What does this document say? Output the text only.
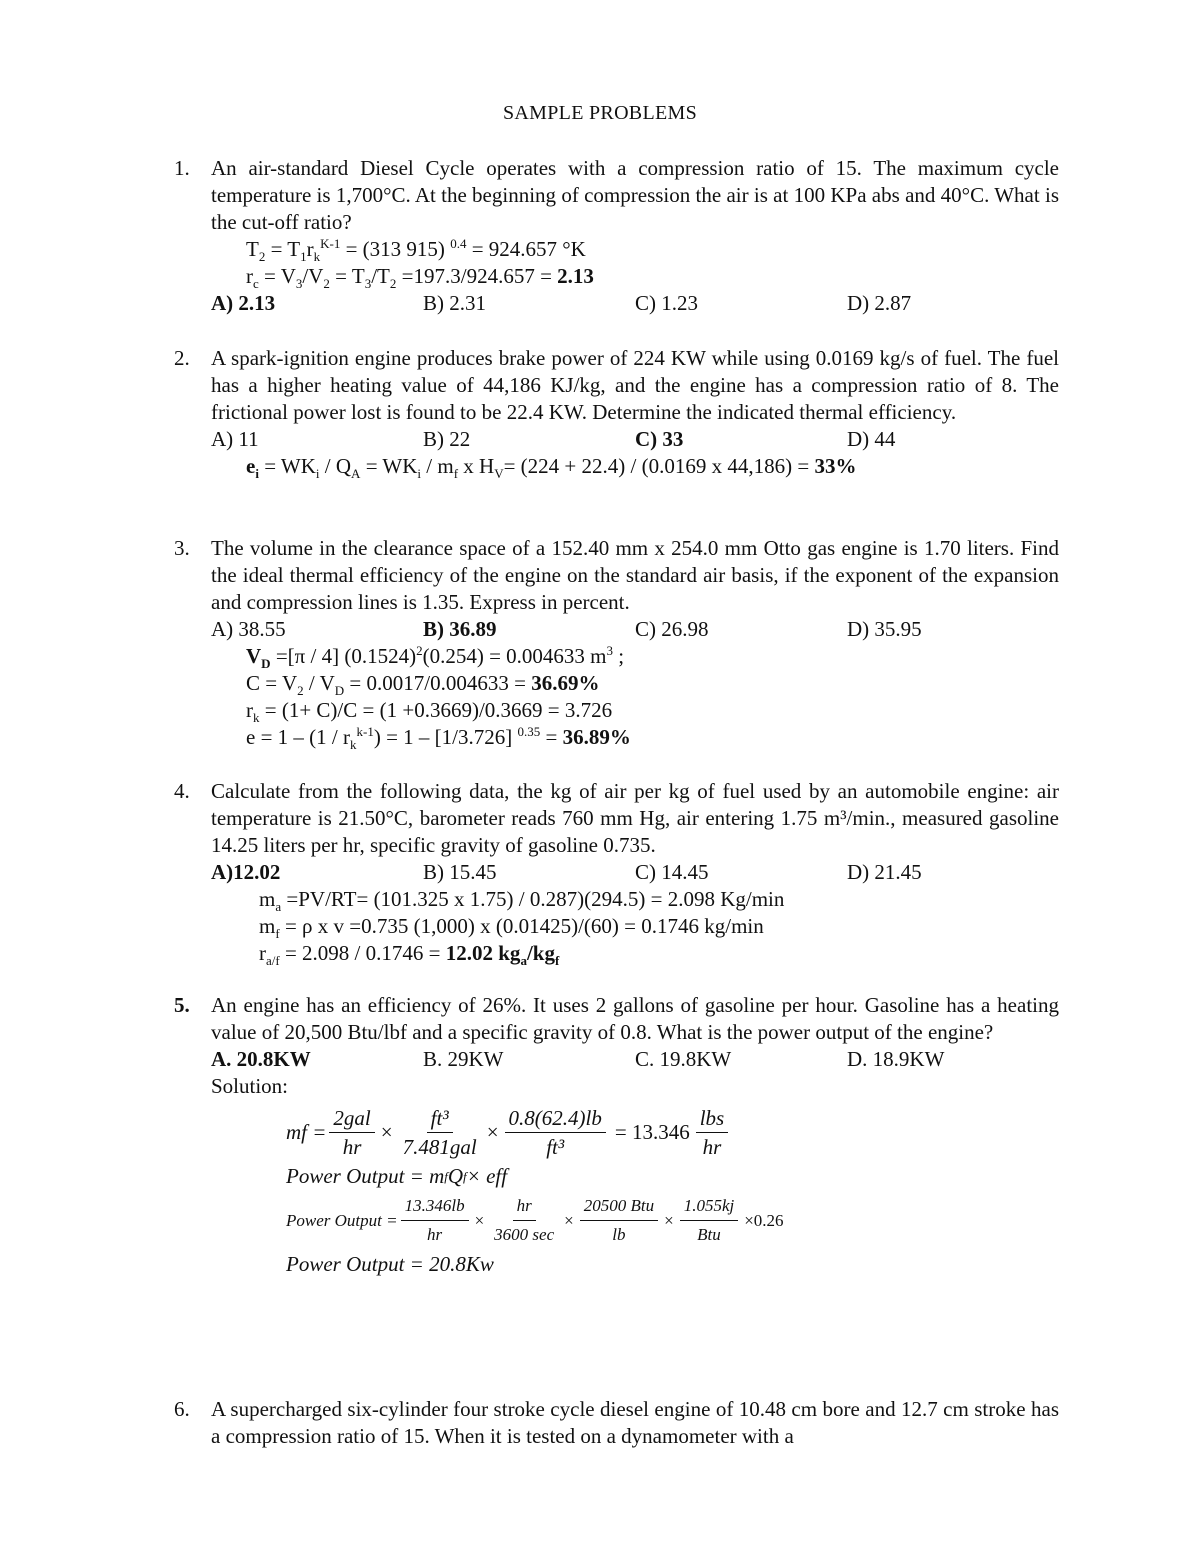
SAMPLE PROBLEMS
1. An air-standard Diesel Cycle operates with a compression ratio of 15. The maximum cycle temperature is 1,700°C. At the beginning of compression the air is at 100 KPa abs and 40°C. What is the cut-off ratio?
$T_2 = T_1r_k^{K-1} = (313$ 915) $^{0.4}$ = 924.657 °K
$r_c = V_3/V_2 = T_3/T_2 =197.3/924.657 = 2.13$
A) 2.13	B) 2.31	C) 1.23	D) 2.87
2. A spark-ignition engine produces brake power of 224 KW while using 0.0169 kg/s of fuel. The fuel has a higher heating value of 44,186 KJ/kg, and the engine has a compression ratio of 8. The frictional power lost is found to be 22.4 KW. Determine the indicated thermal efficiency.
A) 11	B) 22	C) 33	D) 44
$e_i = WK_i / Q_A = WK_i / m_f$ x $H_V= (224 + 22.4) / (0.0169$ x 44,186) = 33%
3. The volume in the clearance space of a 152.40 mm x 254.0 mm Otto gas engine is 1.70 liters. Find the ideal thermal efficiency of the engine on the standard air basis, if the exponent of the expansion and compression lines is 1.35. Express in percent.
A) 38.55	B) 36.89	C) 26.98	D) 35.95
$V_D =[\pi / 4] (0.1524)^2(0.254) = 0.004633$ $m^3$ ;
$C = V_2 / V_D = 0.0017/0.004633 = 36.69\%$
$r_k = (1+ C)/C = (1 +0.3669)/0.3669 = 3.726$
$e = 1 - (1 / r_k^{k-1}) = 1 - [1/3.726] ^{0.35} = 36.89\%$
4. Calculate from the following data, the kg of air per kg of fuel used by an automobile engine: air temperature is 21.50°C, barometer reads 760 mm Hg, air entering 1.75 m³/min., measured gasoline 14.25 liters per hr, specific gravity of gasoline 0.735.
A)12.02	B) 15.45	C) 14.45	D) 21.45
$m_a =PV/RT= (101.325$ x 1.75) / 0.287)(294.5) = 2.098 Kg/min
$m_f = \rho$ x v =0.735 (1,000) x (0.01425)/(60) = 0.1746 kg/min
$r_{a/f} = 2.098 / 0.1746 = 12.02$ $kg_a/kg_f$
5. An engine has an efficiency of 26%. It uses 2 gallons of gasoline per hour. Gasoline has a heating value of 20,500 Btu/lbf and a specific gravity of 0.8. What is the power output of the engine?
A. 20.8KW	B. 29KW	C. 19.8KW	D. 18.9KW
Solution:
mf = $\frac{\text{2gal}}{hr} \times \frac{\text{ft³}}{\text{7.481gal}} \times \frac{0.8(62.4)lb}{\text{ft³}} = 13.346 \frac{\text{lbs}}{hr}$
Power Output = m f Q f × eff
Power Output = $\frac{13.346lb}{hr} \times \frac{hr}{3600 \sec} \times \frac{\text{20500 Btu}}{lb} \times \frac{1.055kj}{\text{Btu}} \times 0.26$
Power Output = 20.8Kw
6. A supercharged six-cylinder four stroke cycle diesel engine of 10.48 cm bore and 12.7 cm stroke has a compression ratio of 15. When it is tested on a dynamometer with a
